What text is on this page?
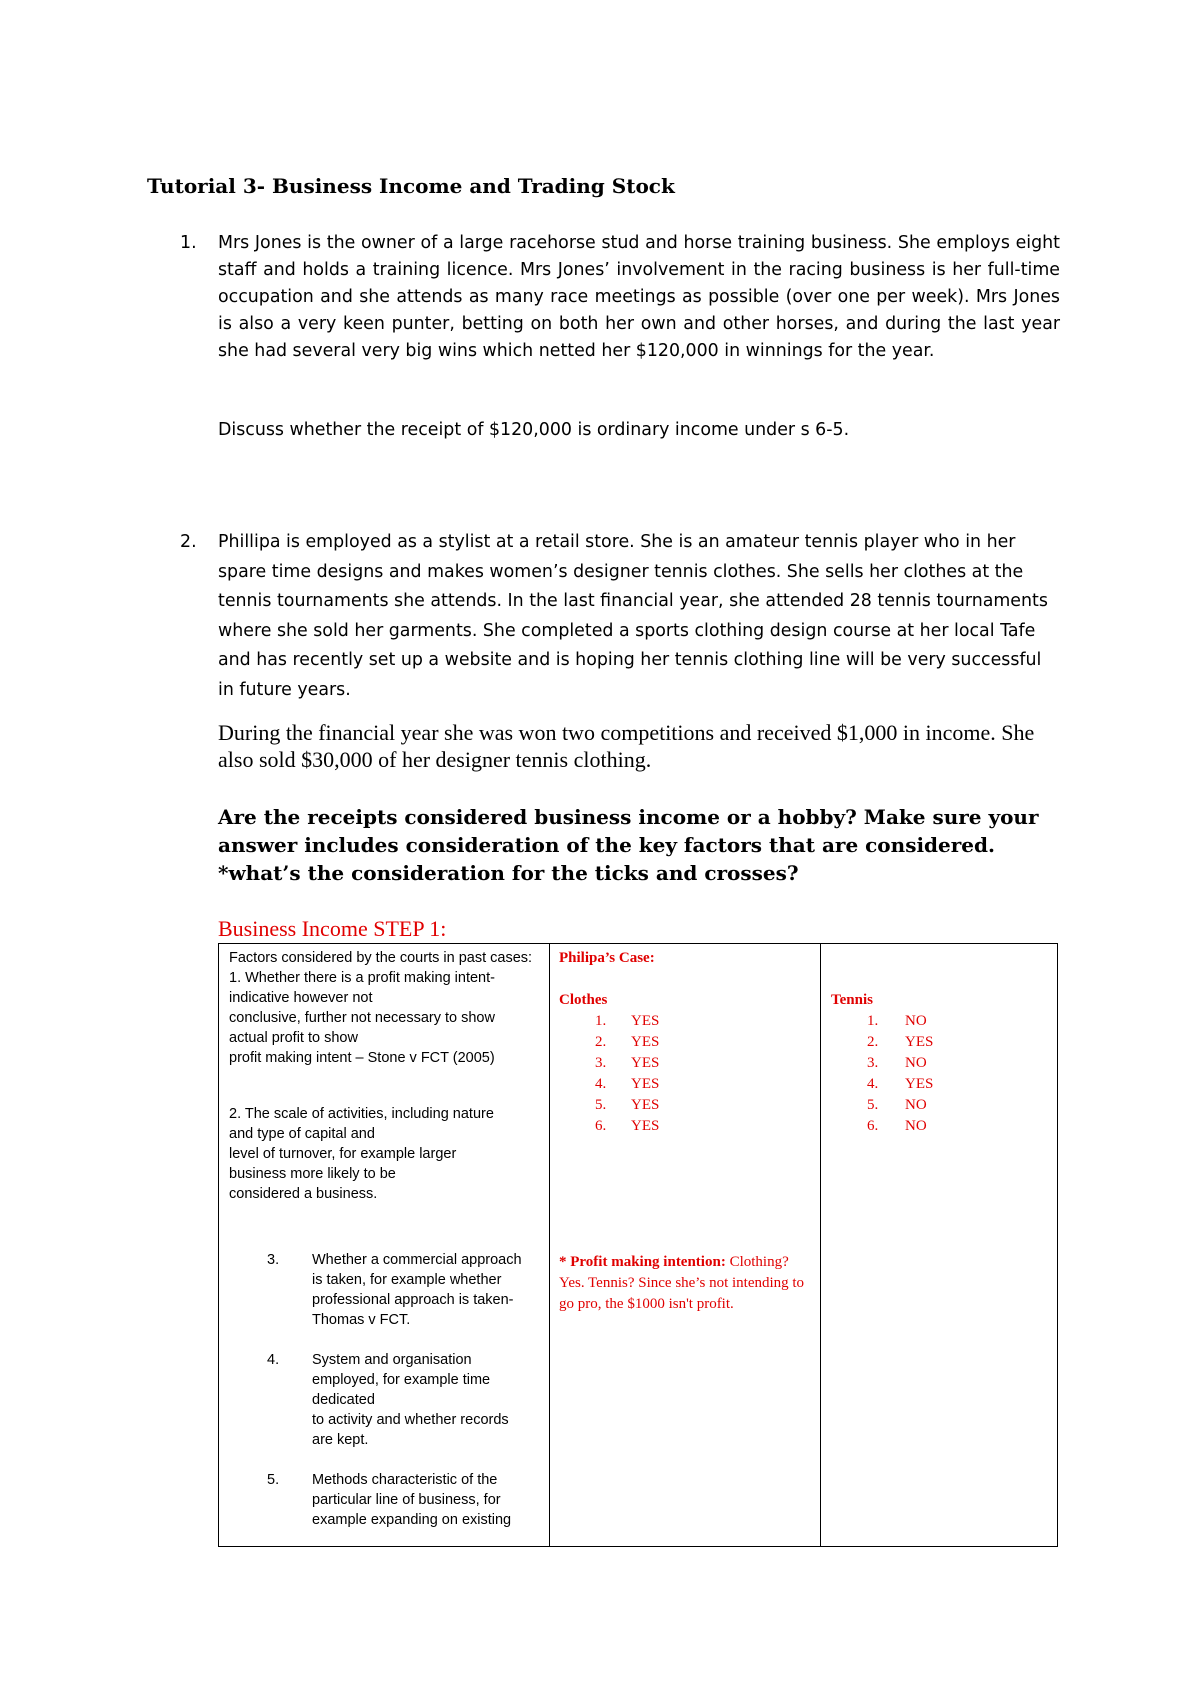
Tutorial 3- Business Income and Trading Stock
1. Mrs Jones is the owner of a large racehorse stud and horse training business. She employs eight staff and holds a training licence. Mrs Jones’ involvement in the racing business is her full-time occupation and she attends as many race meetings as possible (over one per week). Mrs Jones is also a very keen punter, betting on both her own and other horses, and during the last year she had several very big wins which netted her $120,000 in winnings for the year.
Discuss whether the receipt of $120,000 is ordinary income under s 6-5.
2. Phillipa is employed as a stylist at a retail store. She is an amateur tennis player who in her spare time designs and makes women’s designer tennis clothes. She sells her clothes at the tennis tournaments she attends. In the last financial year, she attended 28 tennis tournaments where she sold her garments. She completed a sports clothing design course at her local Tafe and has recently set up a website and is hoping her tennis clothing line will be very successful in future years.
During the financial year she was won two competitions and received $1,000 in income. She also sold $30,000 of her designer tennis clothing.
Are the receipts considered business income or a hobby? Make sure your answer includes consideration of the key factors that are considered.
*what’s the consideration for the ticks and crosses?
Business Income STEP 1:

Factors considered by the courts in past cases:

1. Whether there is a profit making intent-

indicative however not

conclusive, further not necessary to show

actual profit to show

profit making intent – Stone v FCT (2005)

2. The scale of activities, including nature

and type of capital and

level of turnover, for example larger

business more likely to be

considered a business.

3. Whether a commercial approach
is taken, for example whether
professional approach is taken-
Thomas v FCT.
4. System and organisation
employed, for example time
dedicated
to activity and whether records
are kept.
5. Methods characteristic of the
particular line of business, for
example expanding on existing
Philipa’s Case:
Clothes
1. YES
2. YES
3. YES
4. YES
5. YES
6. YES
* Profit making intention: Clothing? Yes. Tennis? Since she’s not intending to go pro, the $1000 isn't profit.
Tennis
1. NO
2. YES
3. NO
4. YES
5. NO
6. NO
